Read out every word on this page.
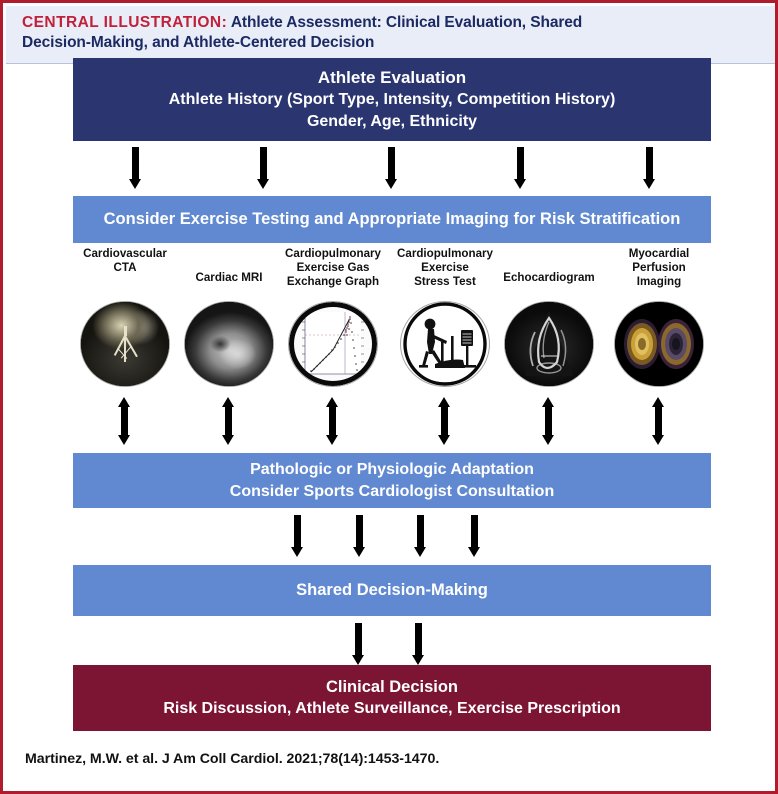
CENTRAL ILLUSTRATION: Athlete Assessment: Clinical Evaluation, Shared
Decision-Making, and Athlete-Centered Decision
Athlete Evaluation
Athlete History (Sport Type, Intensity, Competition History)
Gender, Age, Ethnicity
Consider Exercise Testing and Appropriate Imaging for Risk Stratification
Cardiovascular
CTA
Cardiac MRI
Cardiopulmonary
Exercise Gas
Exchange Graph
Cardiopulmonary
Exercise
Stress Test	Echocardiogram
Myocardial
Perfusion
Imaging
Pathologic or Physiologic Adaptation
Consider Sports Cardiologist Consultation
Shared Decision-Making
Clinical Decision
Risk Discussion, Athlete Surveillance, Exercise Prescription
Martinez, M.W. et al. J Am Coll Cardiol. 2021;78(14):1453-1470.
